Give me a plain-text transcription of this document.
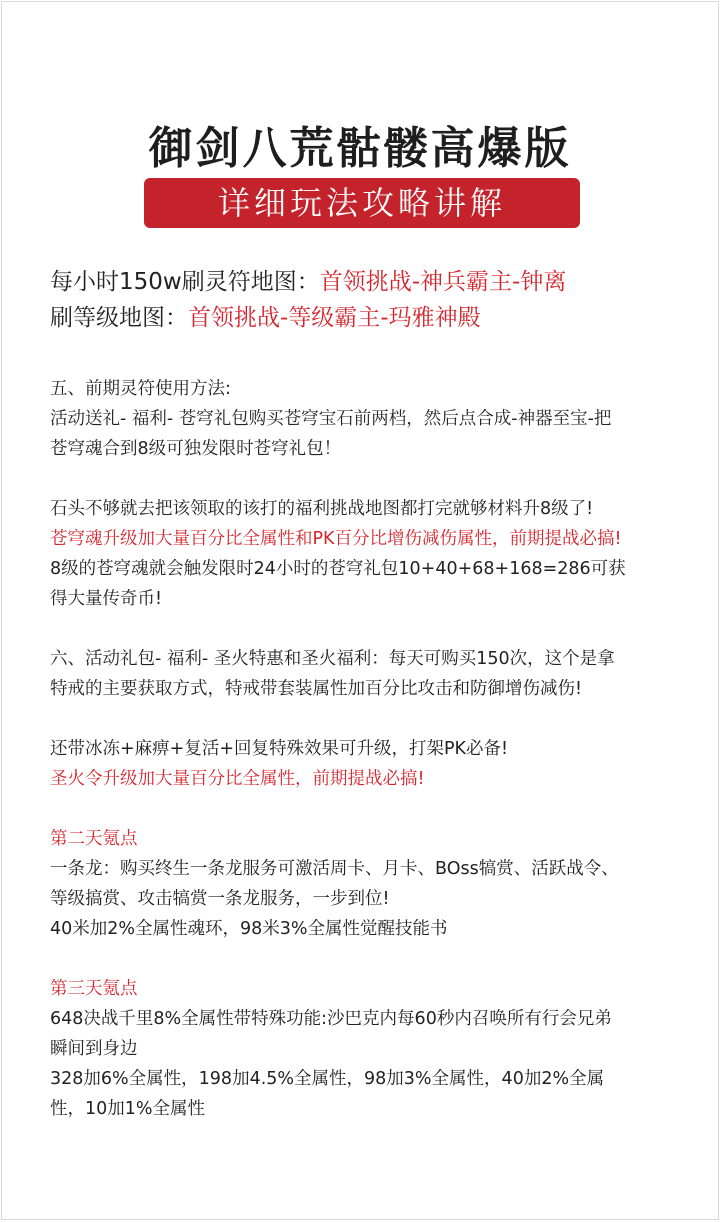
御剑八荒骷髅高爆版
详细玩法攻略讲解
每小时150w刷灵符地图：首领挑战-神兵霸主-钟离
刷等级地图：首领挑战-等级霸主-玛雅神殿
五、前期灵符使用方法:
活动送礼- 福利- 苍穹礼包购买苍穹宝石前两档，然后点合成-神器至宝-把
苍穹魂合到8级可独发限时苍穹礼包！
石头不够就去把该领取的该打的福利挑战地图都打完就够材料升8级了!
苍穹魂升级加大量百分比全属性和PK百分比增伤减伤属性，前期提战必搞!
8级的苍穹魂就会触发限时24小时的苍穹礼包10+40+68+168=286可获
得大量传奇币!
六、活动礼包- 福利- 圣火特惠和圣火福利：每天可购买150次，这个是拿
特戒的主要获取方式，特戒带套装属性加百分比攻击和防御增伤减伤!
还带冰冻+麻痹+复活+回复特殊效果可升级，打架PK必备!
圣火令升级加大量百分比全属性，前期提战必搞!
第二天氪点
一条龙：购买终生一条龙服务可激活周卡、月卡、BOss犒赏、活跃战令、
等级搞赏、攻击犒赏一条龙服务，一步到位!
40米加2%全属性魂环，98米3%全属性觉醒技能书
第三天氪点
648决战千里8%全属性带特殊功能:沙巴克内每60秒内召唤所有行会兄弟
瞬间到身边
328加6%全属性，198加4.5%全属性，98加3%全属性，40加2%全属
性，10加1%全属性
